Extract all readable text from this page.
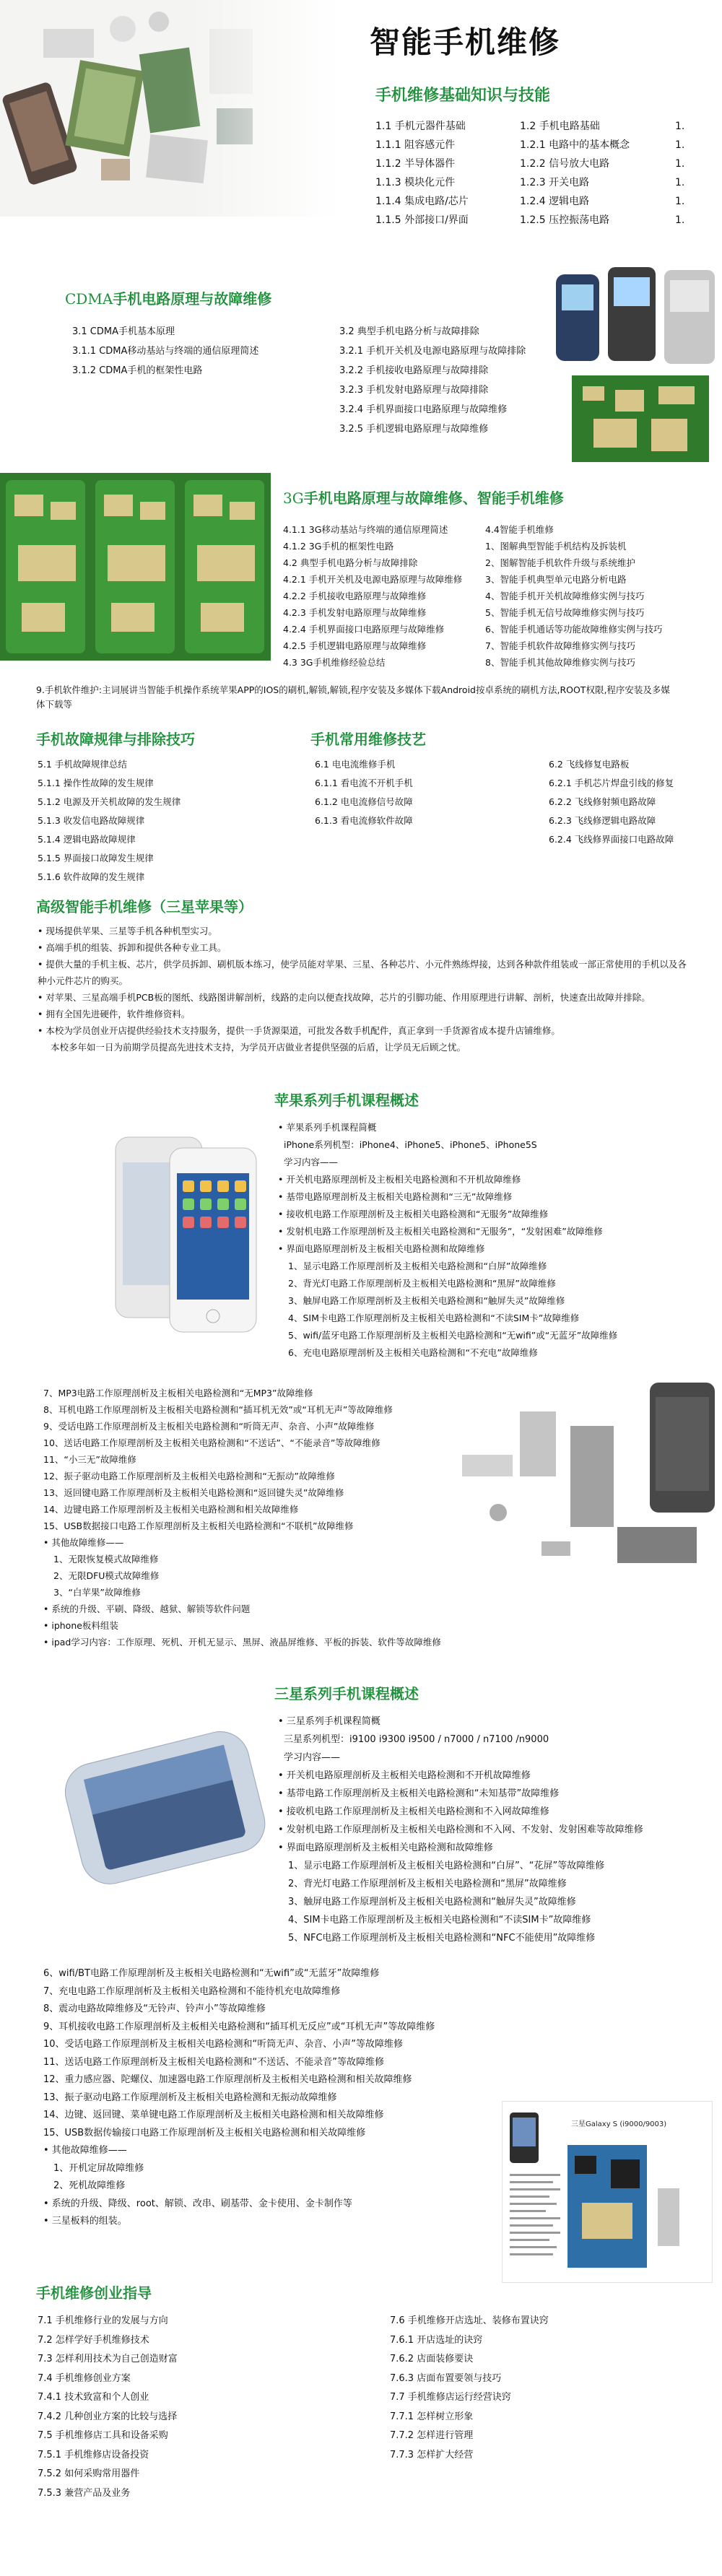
智能手机维修
手机维修基础知识与技能
1.1 手机元器件基础
1.1.1 阻容感元件
1.1.2 半导体器件
1.1.3 模块化元件
1.1.4 集成电路/芯片
1.1.5 外部接口/界面
1.2 手机电路基础
1.2.1 电路中的基本概念
1.2.2 信号放大电路
1.2.3 开关电路
1.2.4 逻辑电路
1.2.5 压控振荡电路
1.
1.
1.
1.
1.
1.
CDMA手机电路原理与故障维修
3.1 CDMA手机基本原理
3.1.1 CDMA移动基站与终端的通信原理简述
3.1.2 CDMA手机的框架性电路
3.2 典型手机电路分析与故障排除
3.2.1 手机开关机及电源电路原理与故障排除
3.2.2 手机接收电路原理与故障排除
3.2.3 手机发射电路原理与故障排除
3.2.4 手机界面接口电路原理与故障维修
3.2.5 手机逻辑电路原理与故障维修
3G手机电路原理与故障维修、智能手机维修
4.1.1 3G移动基站与终端的通信原理简述
4.1.2 3G手机的框架性电路
4.2 典型手机电路分析与故障排除
4.2.1 手机开关机及电源电路原理与故障维修
4.2.2 手机接收电路原理与故障维修
4.2.3 手机发射电路原理与故障维修
4.2.4 手机界面接口电路原理与故障维修
4.2.5 手机逻辑电路原理与故障维修
4.3 3G手机维修经验总结
4.4智能手机维修
1、图解典型智能手机结构及拆装机
2、图解智能手机软件升级与系统维护
3、智能手机典型单元电路分析电路
4、智能手机开关机故障维修实例与技巧
5、智能手机无信号故障维修实例与技巧
6、智能手机通话等功能故障维修实例与技巧
7、智能手机软件故障维修实例与技巧
8、智能手机其他故障维修实例与技巧
9.手机软件维护:主词展讲当智能手机操作系统苹果APP的IOS的刷机,解锁,解锁,程序安装及多媒体下载Android按卓系统的刷机方法,ROOT权限,程序安装及多媒体下载等
手机故障规律与排除技巧	手机常用维修技艺
5.1 手机故障规律总结
5.1.1 操作性故障的发生规律
5.1.2 电源及开关机故障的发生规律
5.1.3 收发信电路故障规律
5.1.4 逻辑电路故障规律
5.1.5 界面接口故障发生规律
5.1.6 软件故障的发生规律
6.1 电电流维修手机
6.1.1 看电流不开机手机
6.1.2 电电流修信号故障
6.1.3 看电流修软件故障
6.2 飞线修复电路板
6.2.1 手机芯片焊盘引线的修复
6.2.2 飞线修射频电路故障
6.2.3 飞线修逻辑电路故障
6.2.4 飞线修界面接口电路故障
高级智能手机维修（三星苹果等）
• 现场提供苹果、三星等手机各种机型实习。
• 高端手机的组装、拆卸和提供各种专业工具。
• 提供大量的手机主板、芯片，供学员拆卸、刷机版本练习，使学员能对苹果、三星、各种芯片、小元件熟练焊接，达到各种款件组装或一部正常使用的手机以及各种小元件芯片的购买。
• 对苹果、三星高端手机PCB板的图纸、线路图讲解剖析，线路的走向以便查找故障，芯片的引脚功能、作用原理进行讲解、剖析，快速查出故障并排除。
• 拥有全国先进硬件，软件维修资料。
• 本校为学员创业开店提供经验技术支持服务，提供一手货源渠道，可批发各数手机配件，真正拿到一手货源省成本提升店铺维修。
本校多年如一日为前期学员提高先进技术支持，为学员开店做业者提供坚强的后盾，让学员无后顾之忧。
苹果系列手机课程概述
• 苹果系列手机课程简概
iPhone系列机型：iPhone4、iPhone5、iPhone5、iPhone5S
学习内容——
• 开关机电路原理剖析及主板相关电路检测和不开机故障维修
• 基带电路原理剖析及主板相关电路检测和“三无”故障维修
• 接收机电路工作原理剖析及主板相关电路检测和“无服务”故障维修
• 发射机电路工作原理剖析及主板相关电路检测和“无服务”，“发射困难”故障维修
• 界面电路原理剖析及主板相关电路检测和故障维修
1、显示电路工作原理剖析及主板相关电路检测和“白屏”故障维修
2、背光灯电路工作原理剖析及主板相关电路检测和“黑屏”故障维修
3、触屏电路工作原理剖析及主板相关电路检测和“触屏失灵”故障维修
4、SIM卡电路工作原理剖析及主板相关电路检测和“不读SIM卡”故障维修
5、wifi/蓝牙电路工作原理剖析及主板相关电路检测和“无wifi”或“无蓝牙”故障维修
6、充电电路原理剖析及主板相关电路检测和“不充电”故障维修
7、MP3电路工作原理剖析及主板相关电路检测和“无MP3”故障维修
8、耳机电路工作原理剖析及主板相关电路检测和“插耳机无效”或“耳机无声”等故障维修
9、受话电路工作原理剖析及主板相关电路检测和“听筒无声、杂音、小声”故障维修
10、送话电路工作原理剖析及主板相关电路检测和“不送话”、“不能录音”等故障维修
11、“小三无”故障维修
12、振子驱动电路工作原理剖析及主板相关电路检测和“无振动”故障维修
13、返回键电路工作原理剖析及主板相关电路检测和“返回键失灵”故障维修
14、边键电路工作原理剖析及主板相关电路检测和相关故障维修
15、USB数据接口电路工作原理剖析及主板相关电路检测和“不联机”故障维修
• 其他故障维修——
1、无限恢复模式故障维修
2、无限DFU模式故障维修
3、“白苹果”故障维修
• 系统的升级、平刷、降级、越狱、解锁等软件问题
• iphone板料组装
• ipad学习内容：工作原理、死机、开机无显示、黑屏、液晶屏维修、平板的拆装、软件等故障维修
三星系列手机课程概述
• 三星系列手机课程简概
三星系列机型：i9100 i9300 i9500 / n7000 / n7100 /n9000
学习内容——
• 开关机电路原理剖析及主板相关电路检测和不开机故障维修
• 基带电路工作原理剖析及主板相关电路检测和“未知基带”故障维修
• 接收机电路工作原理剖析及主板相关电路检测和不入网故障维修
• 发射机电路工作原理剖析及主板相关电路检测和不入网、不发射、发射困难等故障维修
• 界面电路原理剖析及主板相关电路检测和故障维修
1、显示电路工作原理剖析及主板相关电路检测和“白屏”、“花屏”等故障维修
2、背光灯电路工作原理剖析及主板相关电路检测和“黑屏”故障维修
3、触屏电路工作原理剖析及主板相关电路检测和“触屏失灵”故障维修
4、SIM卡电路工作原理剖析及主板相关电路检测和“不读SIM卡”故障维修
5、NFC电路工作原理剖析及主板相关电路检测和“NFC不能使用”故障维修
6、wifi/BT电路工作原理剖析及主板相关电路检测和“无wifi”或“无蓝牙”故障维修
7、充电电路工作原理剖析及主板相关电路检测和不能待机充电故障维修
8、震动电路故障维修及“无铃声、铃声小”等故障维修
9、耳机接收电路工作原理剖析及主板相关电路检测和“插耳机无反应”或“耳机无声”等故障维修
10、受话电路工作原理剖析及主板相关电路检测和“听筒无声、杂音、小声”等故障维修
11、送话电路工作原理剖析及主板相关电路检测和“不送话、不能录音”等故障维修
12、重力感应器、陀螺仪、加速器电路工作原理剖析及主板相关电路检测和相关故障维修
13、振子驱动电路工作原理剖析及主板相关电路检测和无振动故障维修
14、边键、返回键、菜单键电路工作原理剖析及主板相关电路检测和相关故障维修
15、USB数据传输接口电路工作原理剖析及主板相关电路检测和相关故障维修
• 其他故障维修——
1、开机定屏故障维修
2、死机故障维修
• 系统的升级、降级、root、解锁、改串、刷基带、金卡使用、金卡制作等
• 三星板料的组装。
三星Galaxy S (i9000/9003)
手机维修创业指导
7.1 手机维修行业的发展与方向
7.2 怎样学好手机维修技术
7.3 怎样利用技术为自己创造财富
7.4 手机维修创业方案
7.4.1 技术致富和个人创业
7.4.2 几种创业方案的比较与选择
7.5 手机维修店工具和设备采购
7.5.1 手机维修店设备投资
7.5.2 如何采购常用器件
7.5.3 兼营产品及业务
7.6 手机维修开店选址、装修布置诀窍
7.6.1 开店选址的诀窍
7.6.2 店面装修要诀
7.6.3 店面布置要领与技巧
7.7 手机维修店运行经营诀窍
7.7.1 怎样树立形象
7.7.2 怎样进行管理
7.7.3 怎样扩大经营
